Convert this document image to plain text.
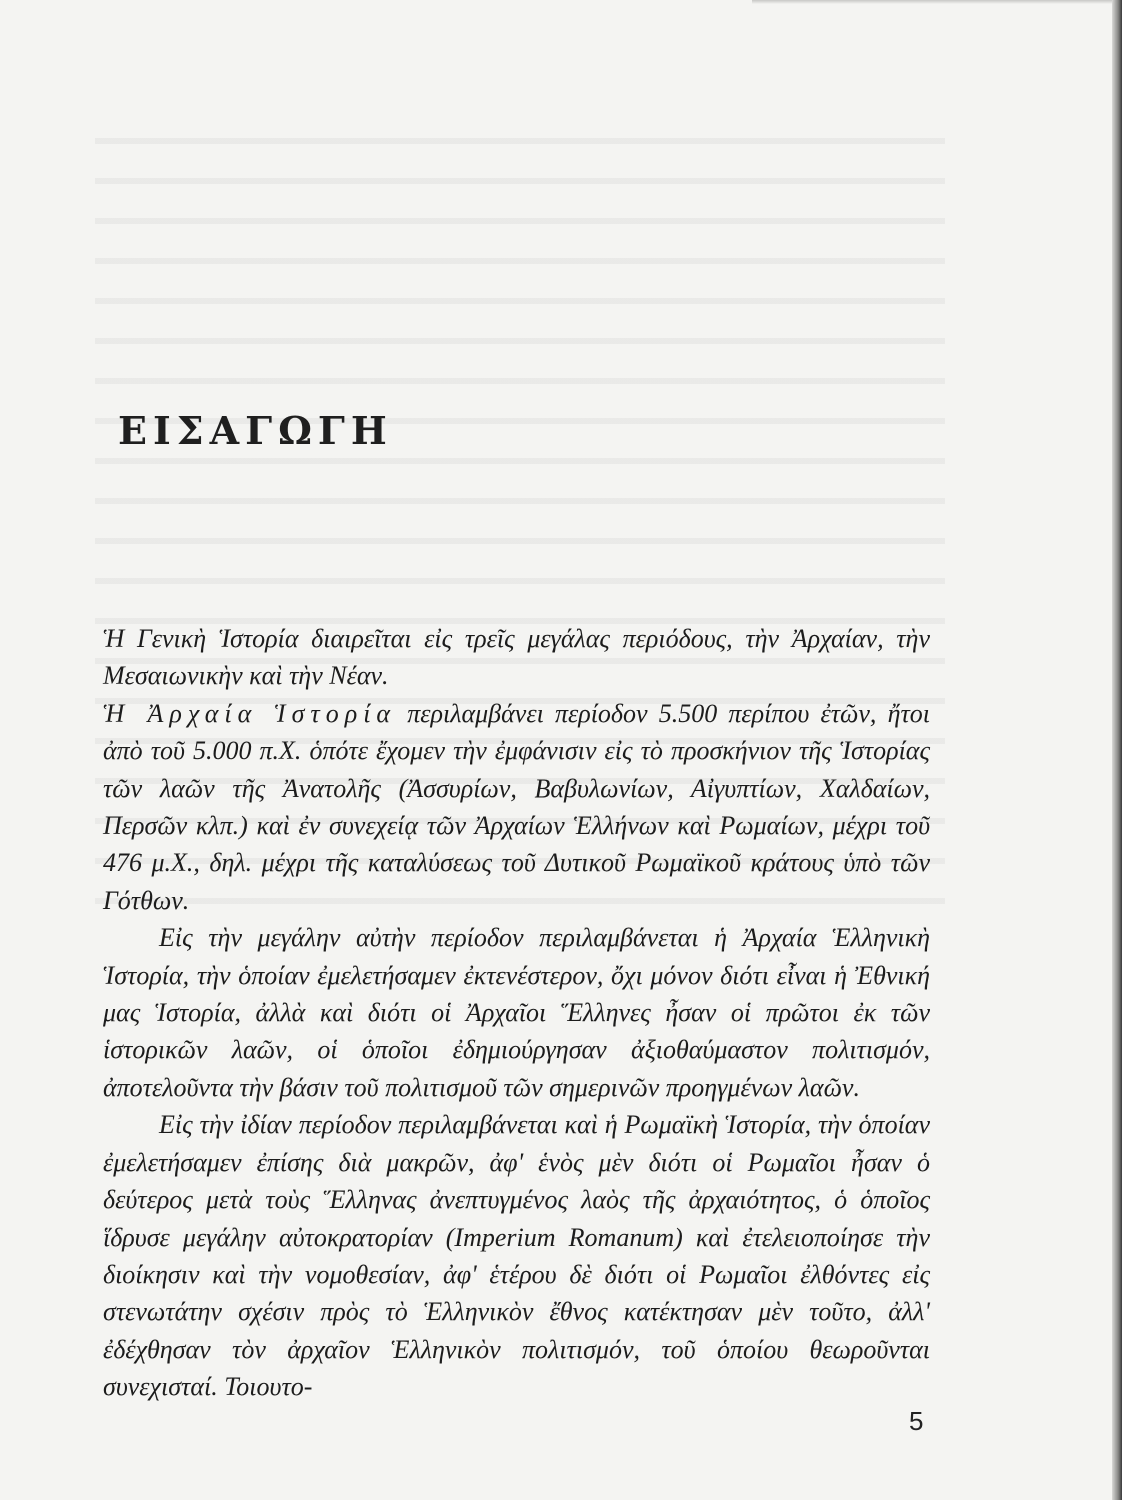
ΕΙΣΑΓΩΓΗ

Ἡ Γενικὴ Ἱστορία διαιρεῖται εἰς τρεῖς μεγάλας περιόδους, τὴν Ἀρχαίαν, τὴν Μεσαιωνικὴν καὶ τὴν Νέαν.

Ἡ Ἀρχαία Ἱστορία περιλαμβάνει περίοδον 5.500 περίπου ἐτῶν, ἤτοι ἀπὸ τοῦ 5.000 π.Χ. ὁπότε ἔχομεν τὴν ἐμφάνισιν εἰς τὸ προσκήνιον τῆς Ἱστορίας τῶν λαῶν τῆς Ἀνατολῆς (Ἀσσυρίων, Βαβυλωνίων, Αἰγυπτίων, Χαλδαίων, Περσῶν κλπ.) καὶ ἐν συνεχείᾳ τῶν Ἀρχαίων Ἑλλήνων καὶ Ρωμαίων, μέχρι τοῦ 476 μ.Χ., δηλ. μέχρι τῆς καταλύσεως τοῦ Δυτικοῦ Ρωμαϊκοῦ κράτους ὑπὸ τῶν Γότθων.

Εἰς τὴν μεγάλην αὐτὴν περίοδον περιλαμβάνεται ἡ Ἀρχαία Ἑλληνικὴ Ἱστορία, τὴν ὁποίαν ἐμελετήσαμεν ἐκτενέστερον, ὄχι μόνον διότι εἶναι ἡ Ἐθνική μας Ἱστορία, ἀλλὰ καὶ διότι οἱ Ἀρχαῖοι Ἕλληνες ἦσαν οἱ πρῶτοι ἐκ τῶν ἱστορικῶν λαῶν, οἱ ὁποῖοι ἐδημιούργησαν ἀξιοθαύμαστον πολιτισμόν, ἀποτελοῦντα τὴν βάσιν τοῦ πολιτισμοῦ τῶν σημερινῶν προηγμένων λαῶν.

Εἰς τὴν ἰδίαν περίοδον περιλαμβάνεται καὶ ἡ Ρωμαϊκὴ Ἱστορία, τὴν ὁποίαν ἐμελετήσαμεν ἐπίσης διὰ μακρῶν, ἀφ' ἑνὸς μὲν διότι οἱ Ρωμαῖοι ἦσαν ὁ δεύτερος μετὰ τοὺς Ἕλληνας ἀνεπτυγμένος λαὸς τῆς ἀρχαιότητος, ὁ ὁποῖος ἵδρυσε μεγάλην αὐτοκρατορίαν (Imperium Romanum) καὶ ἐτελειοποίησε τὴν διοίκησιν καὶ τὴν νομοθεσίαν, ἀφ' ἑτέρου δὲ διότι οἱ Ρωμαῖοι ἐλθόντες εἰς στενωτάτην σχέσιν πρὸς τὸ Ἑλληνικὸν ἔθνος κατέκτησαν μὲν τοῦτο, ἀλλ' ἐδέχθησαν τὸν ἀρχαῖον Ἑλληνικὸν πολιτισμόν, τοῦ ὁποίου θεωροῦνται συνεχισταί. Τοιουτο-

5
